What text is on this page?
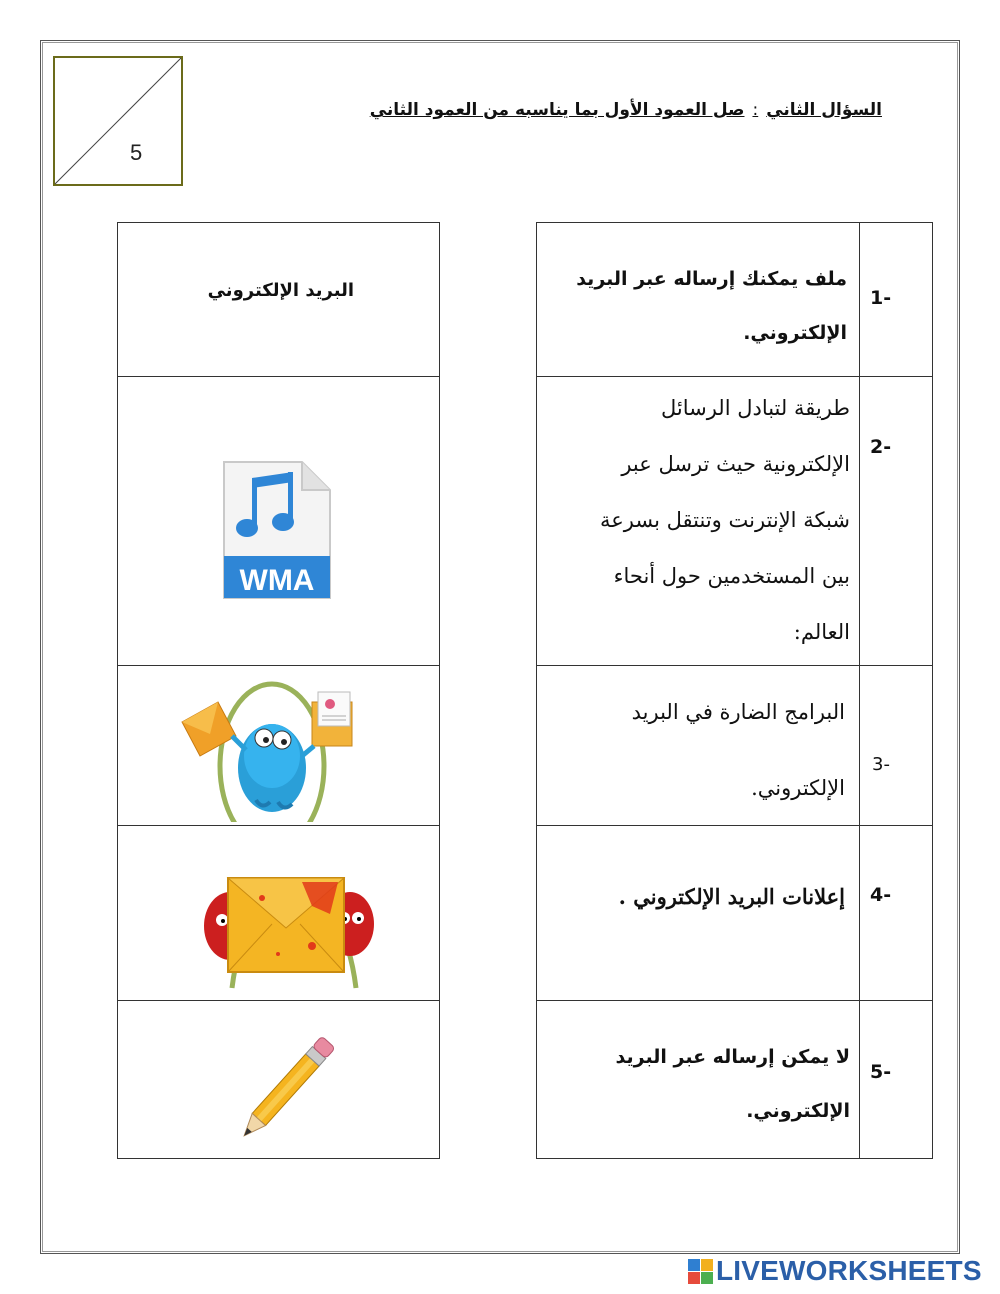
5
السؤال الثاني:صل العمود الأول بما يناسبه من العمود الثاني
البريد الإلكتروني
WMA
1-
ملف يمكنك إرساله عبر البريد
الإلكتروني.
2-
طريقة لتبادل الرسائل
الإلكترونية حيث ترسل عبر
شبكة الإنترنت وتنتقل بسرعة
بين المستخدمين حول أنحاء
العالم:
3-
البرامج الضارة في البريد
الإلكتروني.
4-
إعلانات البريد الإلكتروني .
5-
لا يمكن إرساله عبر البريد
الإلكتروني.
LIVEWORKSHEETS
